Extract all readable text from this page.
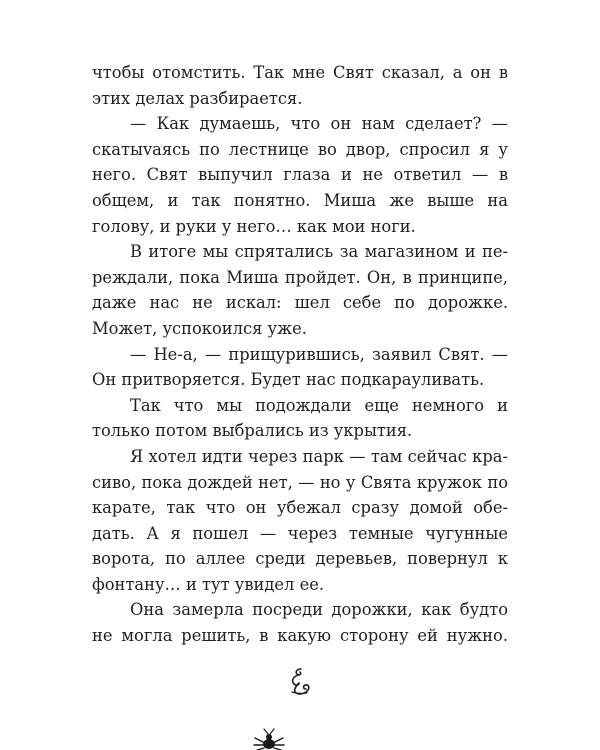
чтобы отомстить. Так мне Свят сказал, а он в этих делах разбирается.

— Как думаешь, что он нам сделает? — скатыvаясь по лестнице во двор, спросил я у него. Свят выпучил глаза и не ответил — в общем, и так понятно. Миша же выше на голову, и руки у него… как мои ноги.

В итоге мы спрятались за магазином и переждали, пока Миша пройдет. Он, в принципе, даже нас не искал: шел себе по дорожке. Может, успокоился уже.

— Не-а, — прищурившись, заявил Свят. — Он притворяется. Будет нас подкарауливать.

Так что мы подождали еще немного и только потом выбрались из укрытия.

Я хотел идти через парк — там сейчас красиво, пока дождей нет, — но у Свята кружок по карате, так что он убежал сразу домой обедать. А я пошел — через темные чугунные ворота, по аллее среди деревьев, повернул к фонтану… и тут увидел ее.

Она замерла посреди дорожки, как будто не могла решить, в какую сторону ей нужно.
